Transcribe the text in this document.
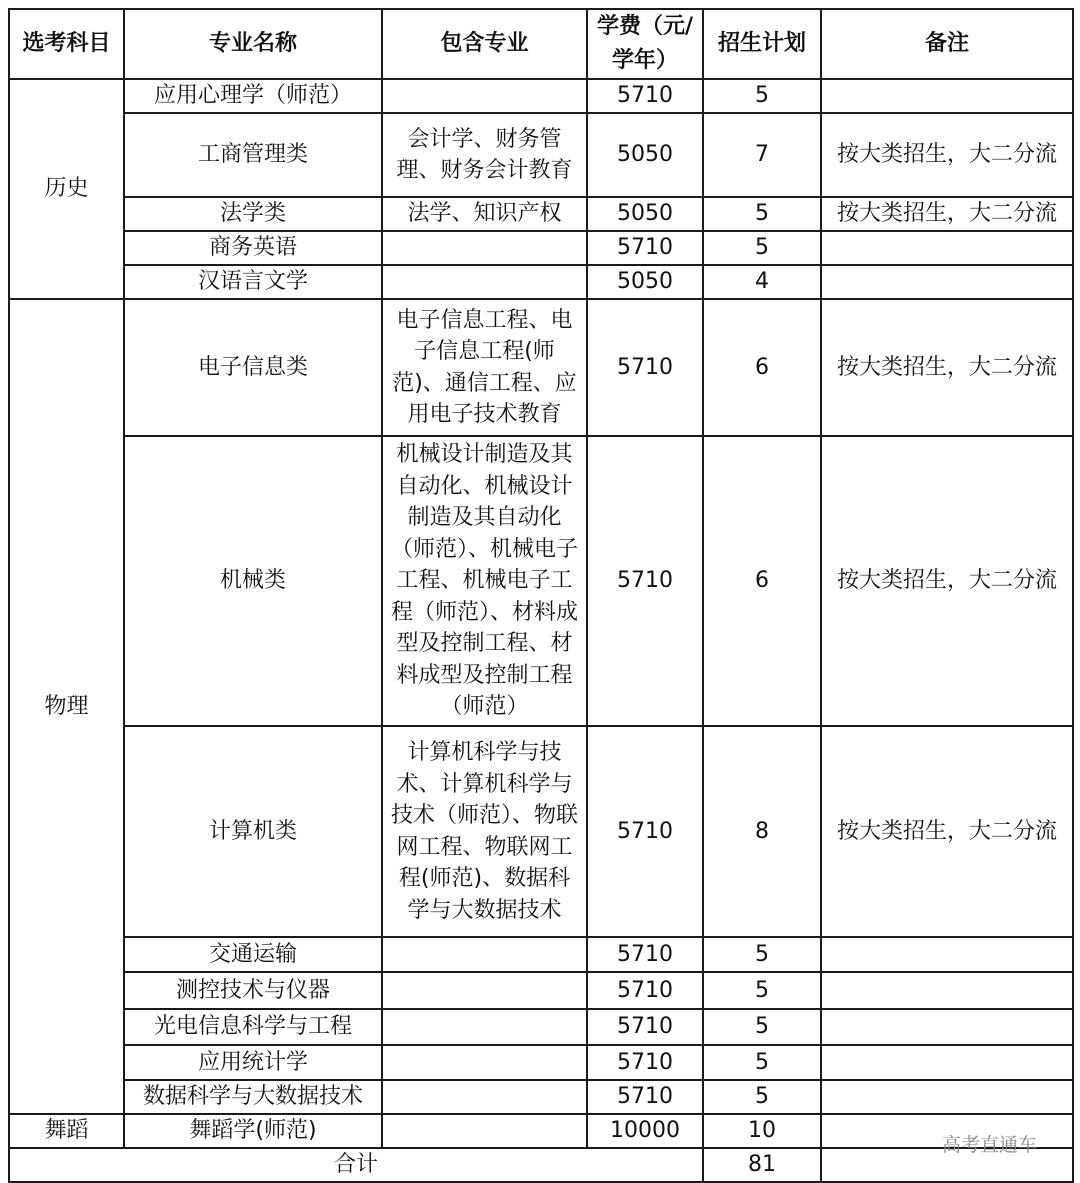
选考科目	专业名称	包含专业	学费（元/学年）	招生计划	备注
历史	应用心理学（师范）		5710	5	
	工商管理类	会计学、财务管理、财务会计教育	5050	7	按大类招生，大二分流
	法学类	法学、知识产权	5050	5	按大类招生，大二分流
	商务英语		5710	5	
	汉语言文学		5050	4	
物理	电子信息类	电子信息工程、电子信息工程(师范)、通信工程、应用电子技术教育	5710	6	按大类招生，大二分流
	机械类	机械设计制造及其自动化、机械设计制造及其自动化（师范）、机械电子工程、机械电子工程（师范）、材料成型及控制工程、材料成型及控制工程（师范）	5710	6	按大类招生，大二分流
	计算机类	计算机科学与技术、计算机科学与技术（师范）、物联网工程、物联网工程(师范)、数据科学与大数据技术	5710	8	按大类招生，大二分流
	交通运输		5710	5	
	测控技术与仪器		5710	5	
	光电信息科学与工程		5710	5	
	应用统计学		5710	5	
	数据科学与大数据技术		5710	5	
舞蹈	舞蹈学(师范)		10000	10	
合计				81	
高考直通车
